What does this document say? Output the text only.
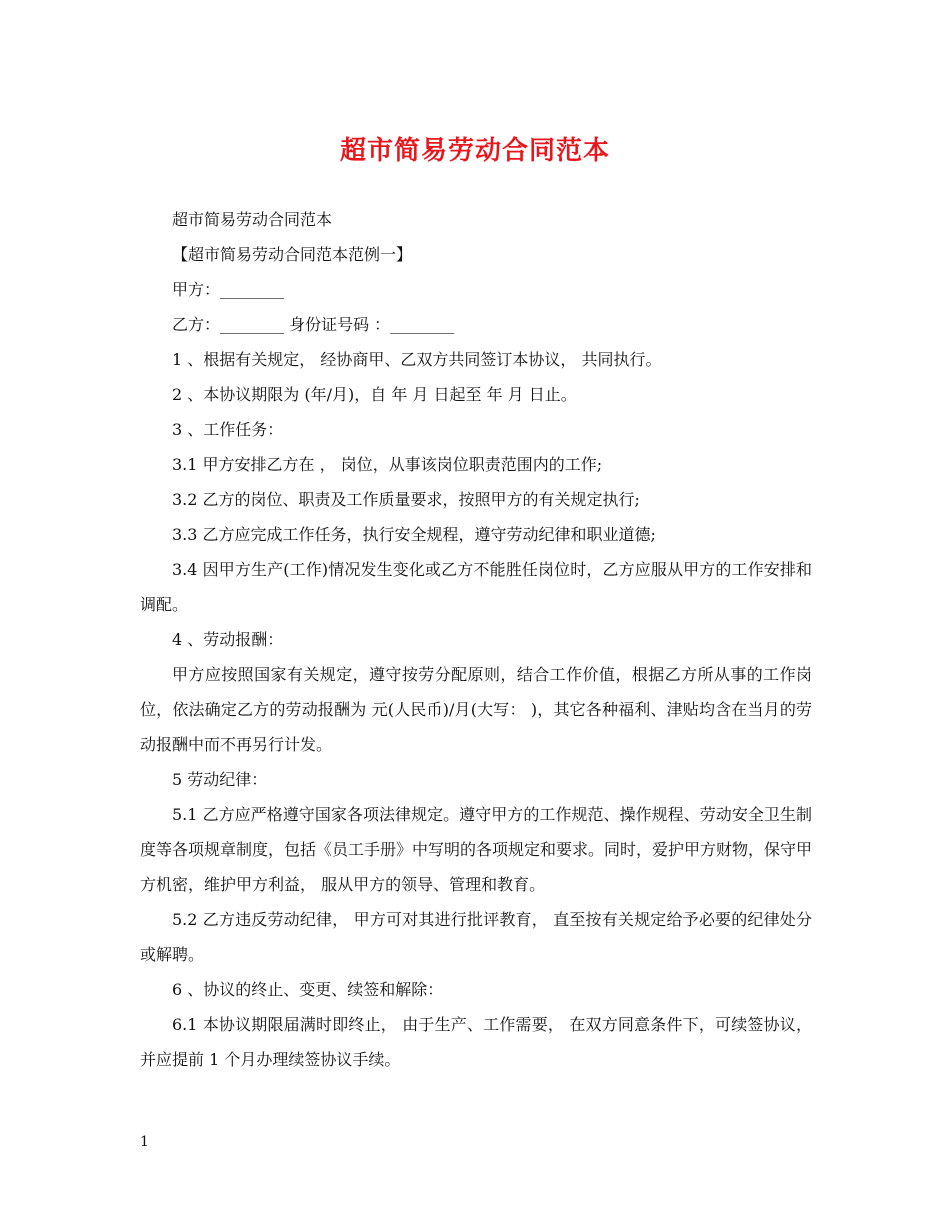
超市简易劳动合同范本

超市简易劳动合同范本

【超市简易劳动合同范本范例一】

甲方：________

乙方：________ 身份证号码 ：________

1 、根据有关规定， 经协商甲、乙双方共同签订本协议， 共同执行。

2 、本协议期限为 (年/月)，自 年 月 日起至 年 月 日止。

3 、工作任务：

3.1 甲方安排乙方在 ， 岗位，从事该岗位职责范围内的工作;

3.2 乙方的岗位、职责及工作质量要求，按照甲方的有关规定执行;

3.3 乙方应完成工作任务，执行安全规程，遵守劳动纪律和职业道德;

3.4 因甲方生产(工作)情况发生变化或乙方不能胜任岗位时，乙方应服从甲方的工作安排和调配。

4 、劳动报酬：

甲方应按照国家有关规定，遵守按劳分配原则，结合工作价值，根据乙方所从事的工作岗位，依法确定乙方的劳动报酬为 元(人民币)/月(大写： )，其它各种福利、津贴均含在当月的劳动报酬中而不再另行计发。

5 劳动纪律：

5.1 乙方应严格遵守国家各项法律规定。遵守甲方的工作规范、操作规程、劳动安全卫生制度等各项规章制度，包括《员工手册》中写明的各项规定和要求。同时，爱护甲方财物，保守甲方机密，维护甲方利益， 服从甲方的领导、管理和教育。

5.2 乙方违反劳动纪律， 甲方可对其进行批评教育， 直至按有关规定给予必要的纪律处分或解聘。

6 、协议的终止、变更、续签和解除：

6.1 本协议期限届满时即终止， 由于生产、工作需要， 在双方同意条件下，可续签协议， 并应提前 1 个月办理续签协议手续。

1
